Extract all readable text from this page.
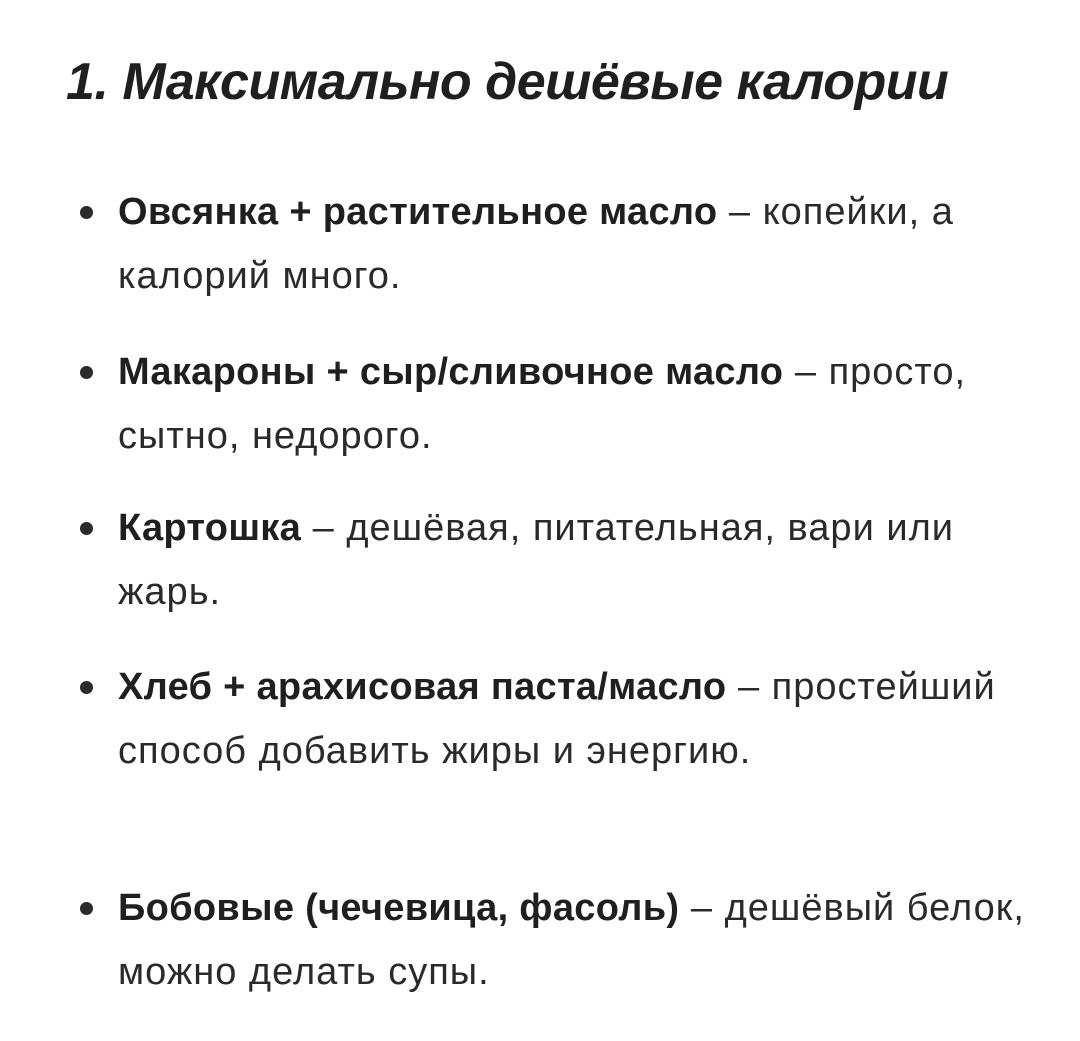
1. Максимально дешёвые калории
Овсянка + растительное масло – копейки, а калорий много.
Макароны + сыр/сливочное масло – просто, сытно, недорого.
Картошка – дешёвая, питательная, вари или жарь.
Хлеб + арахисовая паста/масло – простейший способ добавить жиры и энергию.
Бобовые (чечевица, фасоль) – дешёвый белок, можно делать супы.
